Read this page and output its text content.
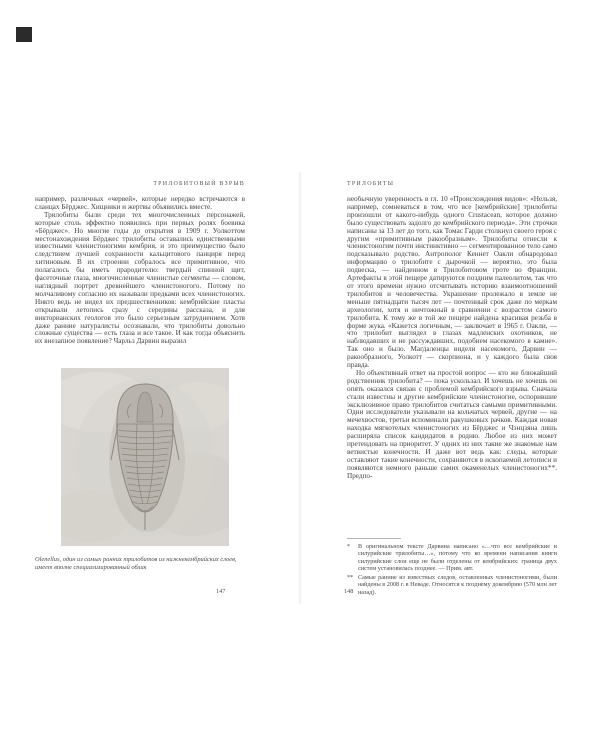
ТРИЛОБИТОВЫЙ ВЗРЫВ

например, различных «червей», которые нередко встречаются в сланцах Бёрджес. Хищники и жертвы объявились вместе.

Трилобиты были среди тех многочисленных персонажей, которые столь эффектно появились при первых ролях боевика «Бёрджес». Но многие годы до открытия в 1909 г. Уолкоттом местонахождения Бёрджес трилобиты оставались единственными известными членистоногими кембрия, и это преимущество было следствием лучшей сохранности кальцитового панциря перед хитиновым. В их строении собралось все примитивное, что полагалось бы иметь прародителю: твердый спинной щит, фасеточные глаза, многочисленные членистые сегменты — словом, наглядный портрет древнейшего членистоногого. Потому по молчаливому согласию их называли предками всех членистоногих. Никто ведь не видел их предшественников: кембрийские пласты открывали летопись сразу с середины рассказа, и для викторианских геологов это было серьезным затруднением. Хотя даже ранние натуралисты осознавали, что трилобиты довольно сложные существа — есть глаза и все такое. И как тогда объяснить их внезапное появление? Чарльз Дарвин выразил

Olenellus, один из самых ранних трилобитов из нижнекембрийских слоев, имеет вполне специализированный облик
ТРИЛОБИТЫ

необычную уверенность в гл. 10 «Происхождения видов»: «Нельзя, например, сомневаться в том, что все [кембрийские] трилобиты произошли от какого-нибудь одного Crustacean, которое должно было существовать задолго до кембрийского периода». Эти строчки написаны за 13 лет до того, как Томас Гарди столкнул своего героя с другим «примитивным ракообразным». Трилобиты отнесли к членистоногим почти инстинктивно — сегментированное тело само подсказывало родство. Антрополог Кеннет Оакли обнародовал информацию о трилобите с дырочкой — вероятно, это была подвеска, — найденном в Трилобитовом гроте во Франции. Артефакты в этой пещере датируются поздним палеолитом, так что от этого времени нужно отсчитывать историю взаимоотношений трилобитов и человечества. Украшение пролежало в земле не меньше пятнадцати тысяч лет — почтенный срок даже по меркам археологии, хотя и ничтожный в сравнении с возрастом самого трилобита. К тому же в той же пещере найдена красивая резьба в форме жука. «Кажется логичным, — заключает в 1965 г. Оакли, — что трилобит выглядел в глазах мадленских охотников, не наблюдавших и не рассуждавших, подобием насекомого в камне». Так оно и было. Магдаленцы видели насекомого, Дарвин — ракообразного, Уолкотт — скорпиона, и у каждого была своя правда.

Но объективный ответ на простой вопрос — кто же ближайший родственник трилобита? — пока ускользал. И хочешь не хочешь он опять оказался связан с проблемой кембрийского взрыва. Сначала стали известны и другие кембрийские членистоногие, оспорившие эксклюзивное право трилобитов считаться самыми примитивными. Одни исследователи указывали на кольчатых червей, другие — на мечехвостов, третьи вспоминали ракушковых рачков. Каждая новая находка мягкотелых членистоногих из Бёрджес и Чэнцзяна лишь расширяла список кандидатов в родню. Любое из них может претендовать на приоритет. У одних из них такие же знакомые нам ветвистые конечности. И даже вот ведь как: следы, которые оставляют такие конечности, сохраняются в ископаемой летописи и появляются немного раньше самих окаменелых членистоногих**. Предпо-

* В оригинальном тексте Дарвина написано «…что все кембрийские и силурийские трилобиты…», потому что ко времени написания книги силурийские слои еще не были отделены от кембрийских: граница двух систем установилась позднее. — Прим. авт.
** Самые ранние из известных следов, оставленных членистоногими, были найдены в 2008 г. в Неваде. Относятся к позднему докембрию (570 млн лет назад).
147	148
